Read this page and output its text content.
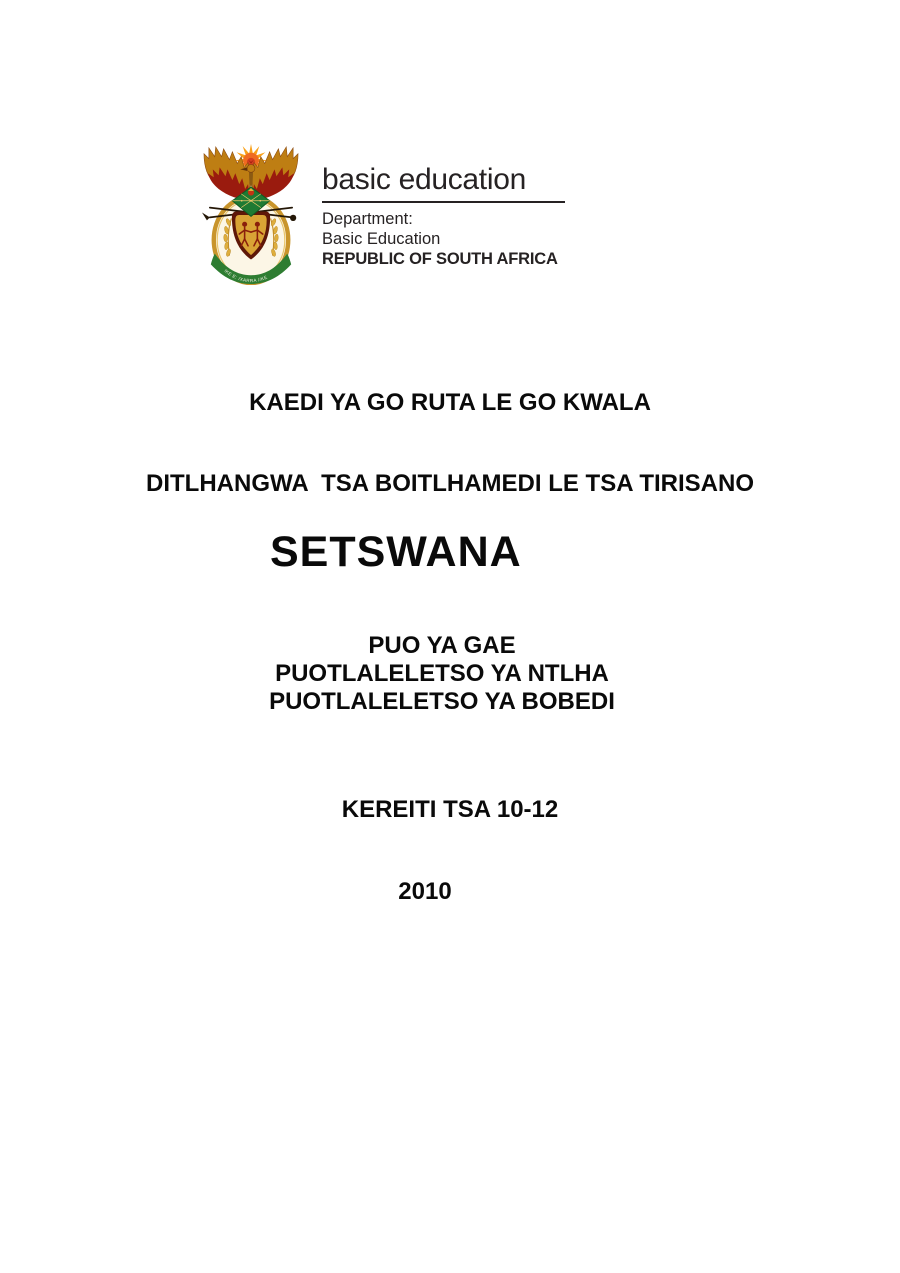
!KE E: /XARRA //KE
basic education
Department:
Basic Education
REPUBLIC OF SOUTH AFRICA

KAEDI YA GO RUTA LE GO KWALA

DITLHANGWA  TSA BOITLHAMEDI LE TSA TIRISANO

SETSWANA
PUO YA GAE
PUOTLALELETSO YA NTLHA
PUOTLALELETSO YA BOBEDI
KEREITI TSA 10-12
2010
